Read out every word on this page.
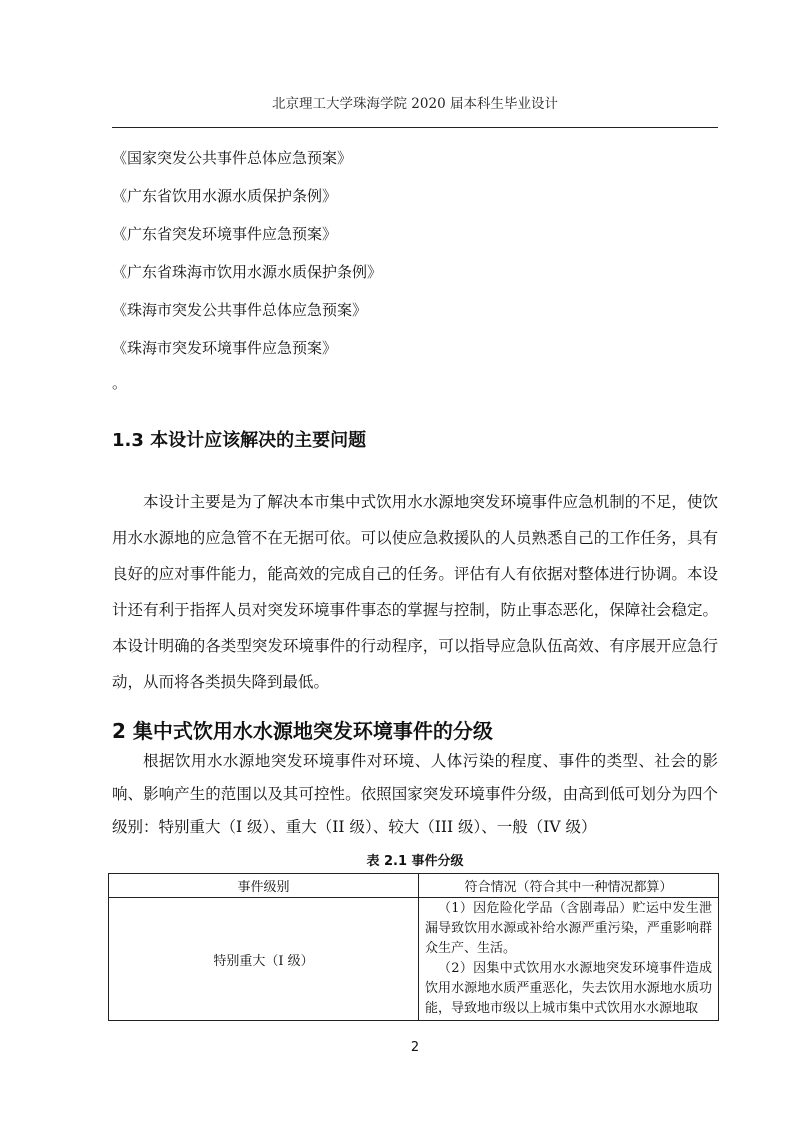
北京理工大学珠海学院 2020 届本科生毕业设计
《国家突发公共事件总体应急预案》
《广东省饮用水源水质保护条例》
《广东省突发环境事件应急预案》
《广东省珠海市饮用水源水质保护条例》
《珠海市突发公共事件总体应急预案》
《珠海市突发环境事件应急预案》
。
1.3 本设计应该解决的主要问题

本设计主要是为了解决本市集中式饮用水水源地突发环境事件应急机制的不足，使饮用水水源地的应急管不在无据可依。可以使应急救援队的人员熟悉自己的工作任务，具有良好的应对事件能力，能高效的完成自己的任务。评估有人有依据对整体进行协调。本设计还有利于指挥人员对突发环境事件事态的掌握与控制，防止事态恶化，保障社会稳定。本设计明确的各类型突发环境事件的行动程序，可以指导应急队伍高效、有序展开应急行动，从而将各类损失降到最低。

2 集中式饮用水水源地突发环境事件的分级

根据饮用水水源地突发环境事件对环境、人体污染的程度、事件的类型、社会的影响、影响产生的范围以及其可控性。依照国家突发环境事件分级，由高到低可划分为四个级别：特别重大（I 级）、重大（II 级）、较大（III 级）、一般（IV 级）

表 2.1 事件分级
事件级别	符合情况（符合其中一种情况都算）
特别重大（I 级）	（1）因危险化学品（含剧毒品）贮运中发生泄漏导致饮用水源或补给水源严重污染，严重影响群众生产、生活。
（2）因集中式饮用水水源地突发环境事件造成饮用水源地水质严重恶化，失去饮用水源地水质功能，导致地市级以上城市集中式饮用水水源地取
2
